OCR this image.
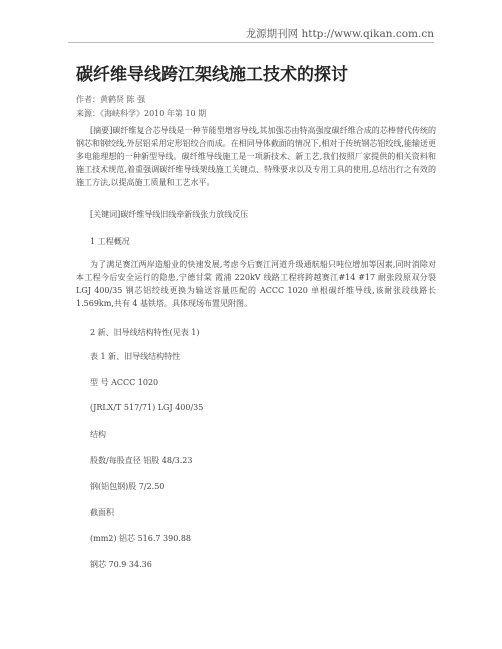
龙源期刊网 http://www.qikan.com.cn
碳纤维导线跨江架线施工技术的探讨
作者：黄鹤贤 陈 强
来源：《海峡科学》2010 年第 10 期
[摘要]碳纤维复合芯导线是一种节能型增容导线,其加强芯由特高强度碳纤维合成的芯棒替代传统的钢芯和钢绞线,外层铝采用定形铝绞合而成。在相同导体截面的情况下,相对于传统钢芯铝绞线,能输送更多电能理想的一种新型导线。碳纤维导线施工是一项新技术、新工艺,我们按照厂家提供的相关资料和施工技术规范,着重强调碳纤维导线架线施工关键点、特殊要求以及专用工具的使用,总结出行之有效的施工方法,以提高施工质量和工艺水平。
[关键词]碳纤维导线旧线牵新线张力放线反压
1 工程概况
为了满足赛江两岸造船业的快速发展,考虑今后赛江河道升级通航船只吨位增加等因素,同时消除对本工程今后安全运行的隐患,宁德甘棠 霞浦 220kV 线路工程将跨越赛江#14 #17 耐张段原双分裂 LGJ 400/35 钢芯铝绞线更换为输送容量匹配的 ACCC 1020 单根碳纤维导线,该耐张段线路长 1.569km,共有 4 基铁塔。具体现场布置见附图。
2 新、旧导线结构特性(见表 1)
表 1 新、旧导线结构特性
型 号 ACCC 1020
(JRLX/T 517/71) LGJ 400/35
结构
股数/每股直径 铝股 48/3.23
钢(铝包钢)股 7/2.50
截面积
(mm2) 铝芯 516.7 390.88
钢芯 70.9 34.36
